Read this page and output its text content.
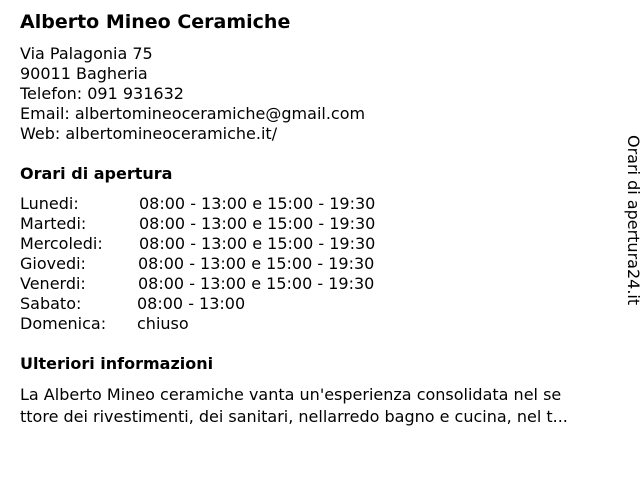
Alberto Mineo Ceramiche
Via Palagonia 75
90011 Bagheria
Telefon: 091 931632
Email: albertomineoceramiche@gmail.com
Web: albertomineoceramiche.it/
Orari di apertura
Lunedi:	08:00 - 13:00 e 15:00 - 19:30
Martedi:	08:00 - 13:00 e 15:00 - 19:30
Mercoledi: 08:00 - 13:00 e 15:00 - 19:30
Giovedi:	08:00 - 13:00 e 15:00 - 19:30
Venerdi:	08:00 - 13:00 e 15:00 - 19:30
Sabato:	08:00 - 13:00
Domenica: chiuso
Ulteriori informazioni
La Alberto Mineo ceramiche vanta un'esperienza consolidata nel se
ttore dei rivestimenti, dei sanitari, nellarredo bagno e cucina, nel t...
Orari di apertura24.it
